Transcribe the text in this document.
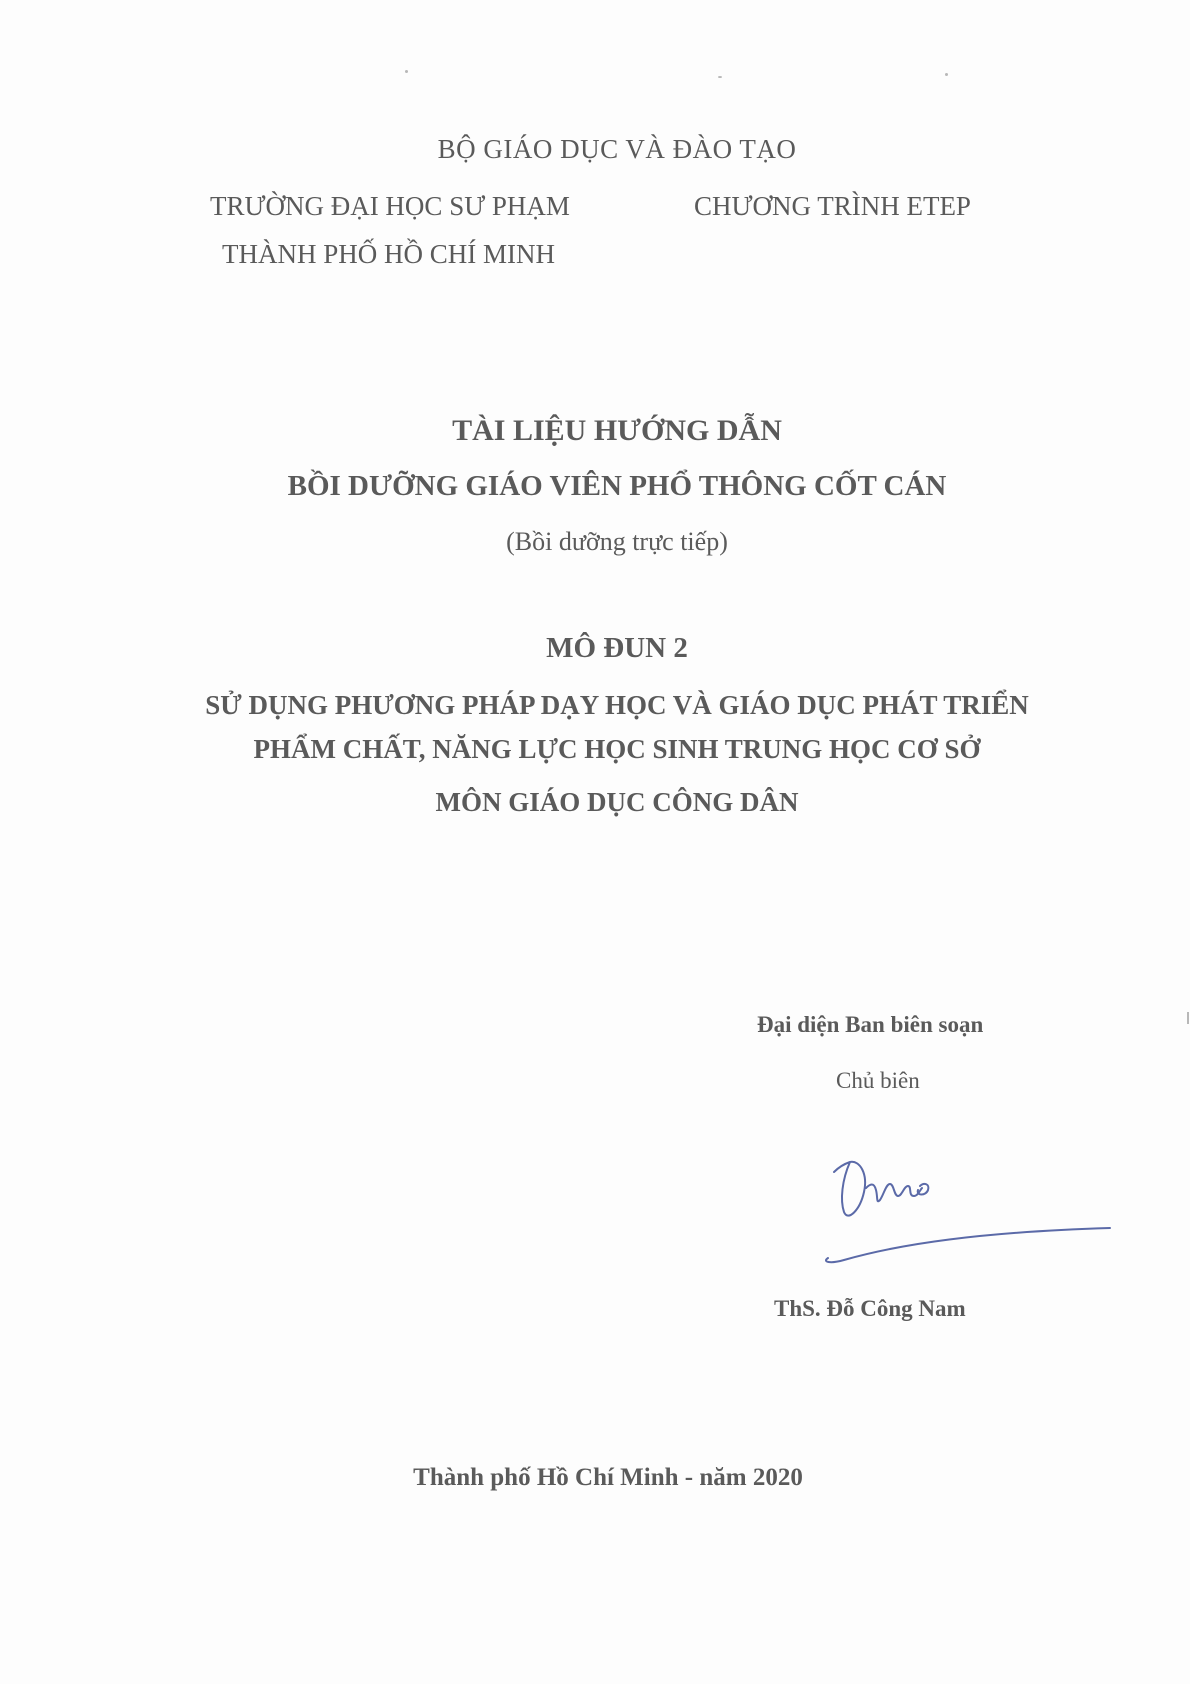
BỘ GIÁO DỤC VÀ ĐÀO TẠO

TRƯỜNG ĐẠI HỌC SƯ PHẠM

THÀNH PHỐ HỒ CHÍ MINH

CHƯƠNG TRÌNH ETEP

TÀI LIỆU HƯỚNG DẪN
BỒI DƯỠNG GIÁO VIÊN PHỔ THÔNG CỐT CÁN

(Bồi dưỡng trực tiếp)

MÔ ĐUN 2

SỬ DỤNG PHƯƠNG PHÁP DẠY HỌC VÀ GIÁO DỤC PHÁT TRIỂN

PHẨM CHẤT, NĂNG LỰC HỌC SINH TRUNG HỌC CƠ SỞ

MÔN GIÁO DỤC CÔNG DÂN

Đại diện Ban biên soạn

Chủ biên

ThS. Đỗ Công Nam

Thành phố Hồ Chí Minh - năm 2020
